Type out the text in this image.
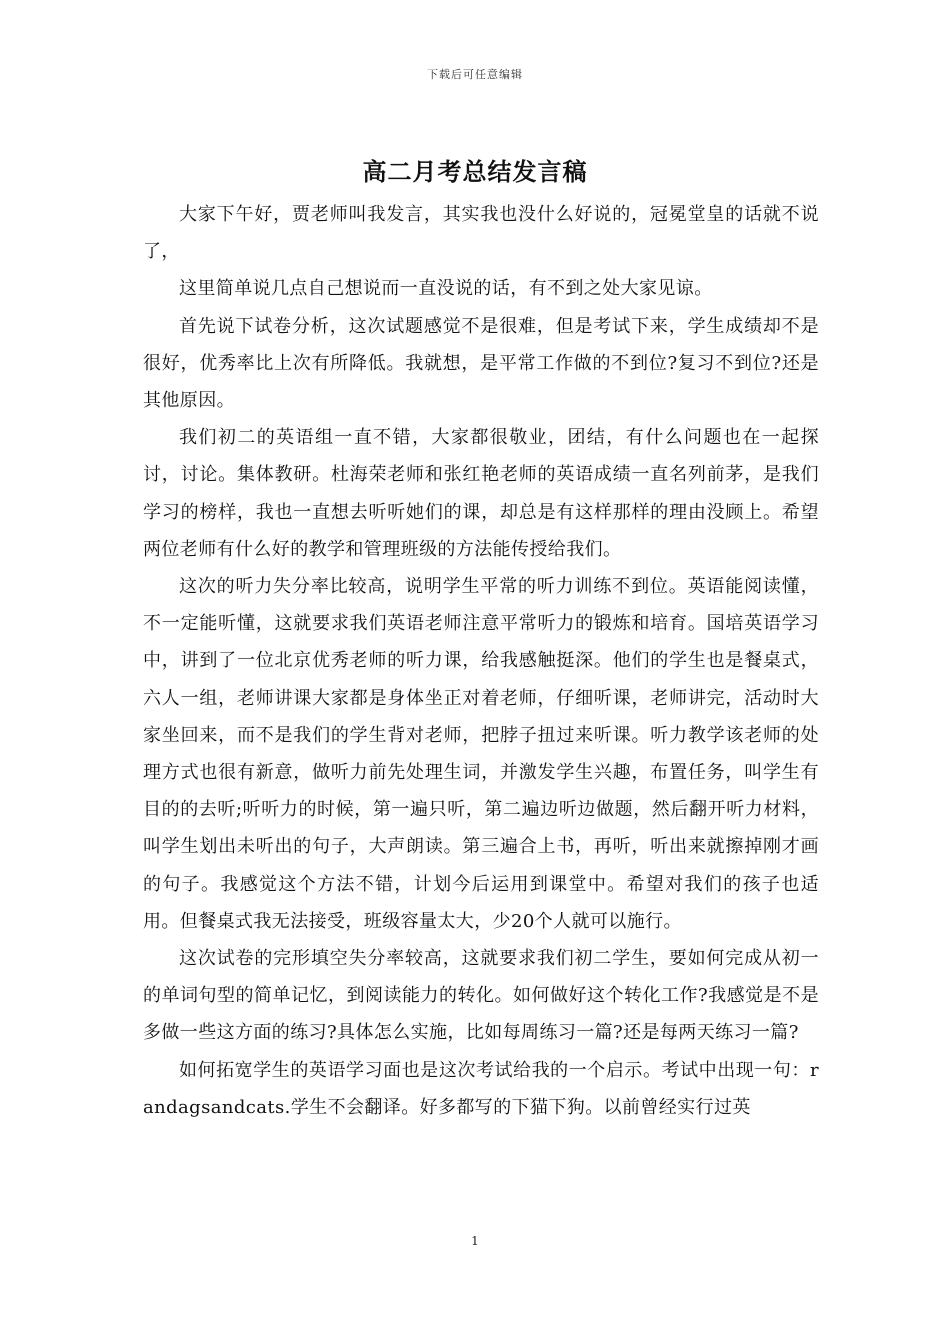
下载后可任意编辑
高二月考总结发言稿

大家下午好，贾老师叫我发言，其实我也没什么好说的，冠冕堂皇的话就不说了，

这里简单说几点自己想说而一直没说的话，有不到之处大家见谅。

首先说下试卷分析，这次试题感觉不是很难，但是考试下来，学生成绩却不是很好，优秀率比上次有所降低。我就想，是平常工作做的不到位?复习不到位?还是其他原因。

我们初二的英语组一直不错，大家都很敬业，团结，有什么问题也在一起探讨，讨论。集体教研。杜海荣老师和张红艳老师的英语成绩一直名列前茅，是我们学习的榜样，我也一直想去听听她们的课，却总是有这样那样的理由没顾上。希望两位老师有什么好的教学和管理班级的方法能传授给我们。

这次的听力失分率比较高，说明学生平常的听力训练不到位。英语能阅读懂，不一定能听懂，这就要求我们英语老师注意平常听力的锻炼和培育。国培英语学习中，讲到了一位北京优秀老师的听力课，给我感触挺深。他们的学生也是餐桌式，六人一组，老师讲课大家都是身体坐正对着老师，仔细听课，老师讲完，活动时大家坐回来，而不是我们的学生背对老师，把脖子扭过来听课。听力教学该老师的处理方式也很有新意，做听力前先处理生词，并激发学生兴趣，布置任务，叫学生有目的的去听;听听力的时候，第一遍只听，第二遍边听边做题，然后翻开听力材料，叫学生划出未听出的句子，大声朗读。第三遍合上书，再听，听出来就擦掉刚才画的句子。我感觉这个方法不错，计划今后运用到课堂中。希望对我们的孩子也适用。但餐桌式我无法接受，班级容量太大，少20个人就可以施行。

这次试卷的完形填空失分率较高，这就要求我们初二学生，要如何完成从初一的单词句型的简单记忆，到阅读能力的转化。如何做好这个转化工作?我感觉是不是多做一些这方面的练习?具体怎么实施，比如每周练习一篇?还是每两天练习一篇?

如何拓宽学生的英语学习面也是这次考试给我的一个启示。考试中出现一句：randagsandcats.学生不会翻译。好多都写的下猫下狗。以前曾经实行过英

1
